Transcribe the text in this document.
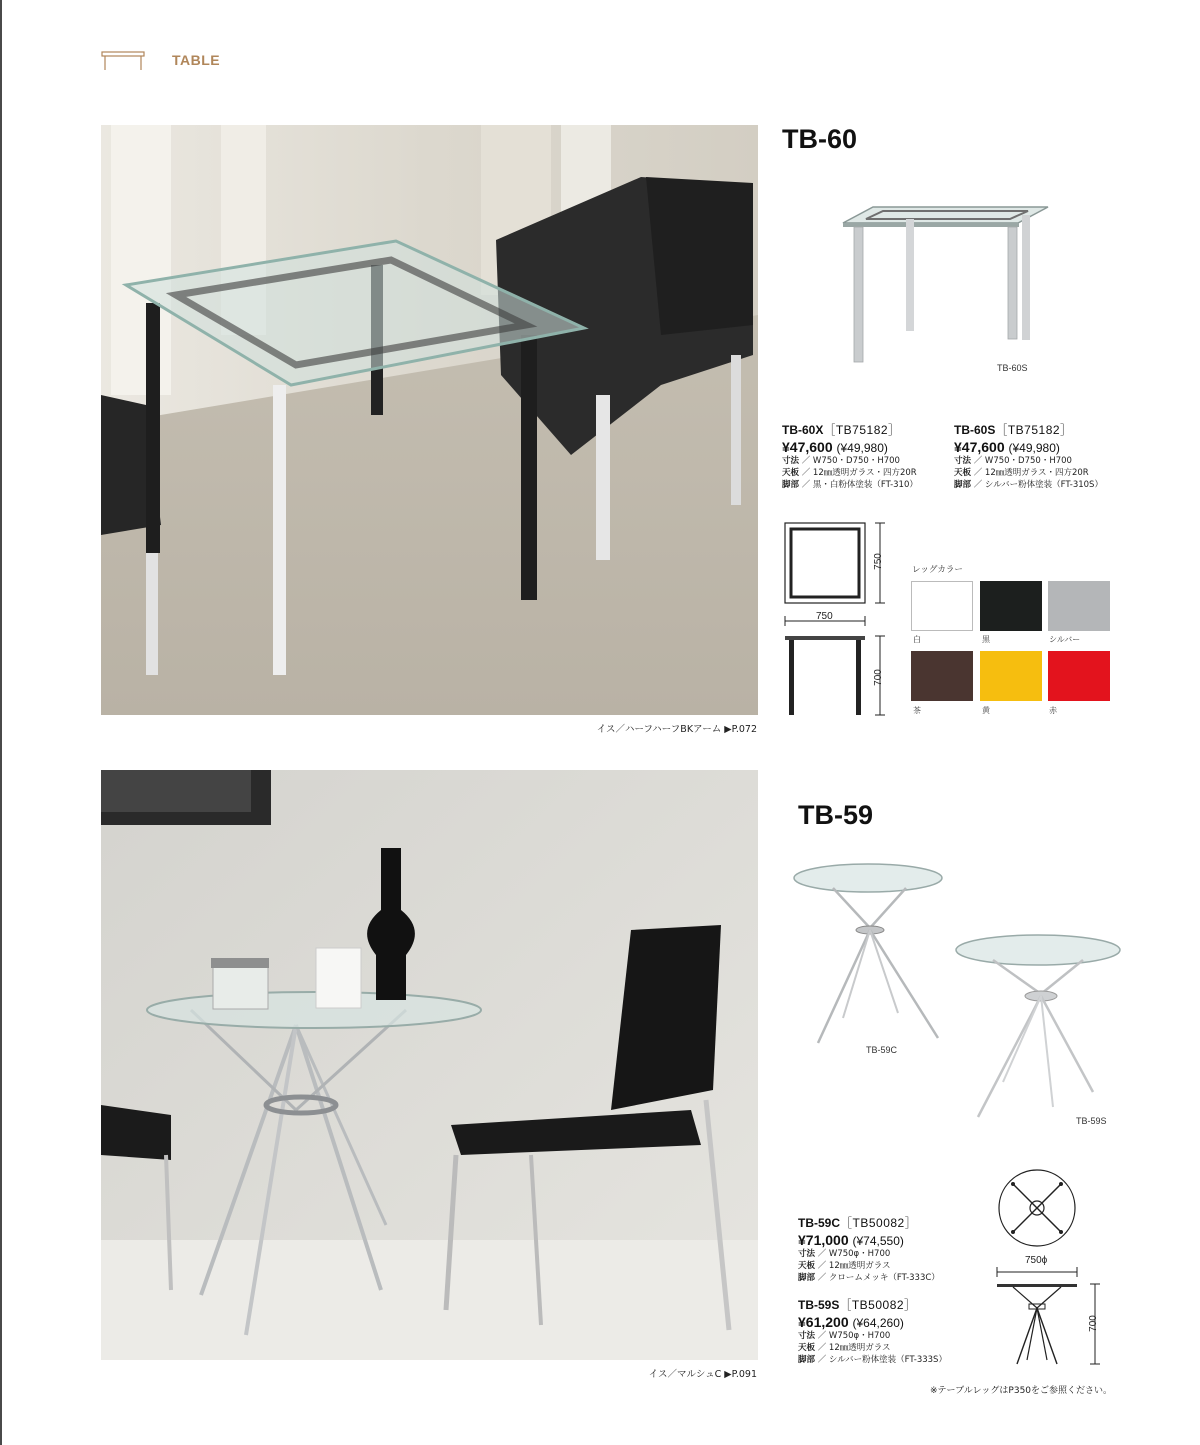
TABLE
イス／ハーフハーフBKアーム ▶P.072
TB-60
TB-60S
TB-60X［TB75182］
¥47,600 (¥49,980)
寸法 ／ W750・D750・H700
天板 ／ 12㎜透明ガラス・四方20R
脚部 ／ 黒・白粉体塗装（FT-310）
TB-60S［TB75182］
¥47,600 (¥49,980)
寸法 ／ W750・D750・H700
天板 ／ 12㎜透明ガラス・四方20R
脚部 ／ シルバー粉体塗装（FT-310S）
750
750
700
レッグカラー
白	黒	シルバー
茶	黄	赤
イス／マルシュC ▶P.091
TB-59
TB-59C
TB-59S
TB-59C［TB50082］
¥71,000 (¥74,550)
寸法 ／ W750φ・H700
天板 ／ 12㎜透明ガラス
脚部 ／ クロームメッキ（FT-333C）
TB-59S［TB50082］
¥61,200 (¥64,260)
寸法 ／ W750φ・H700
天板 ／ 12㎜透明ガラス
脚部 ／ シルバー粉体塗装（FT-333S）
750ϕ
700
※テーブルレッグはP350をご参照ください。
